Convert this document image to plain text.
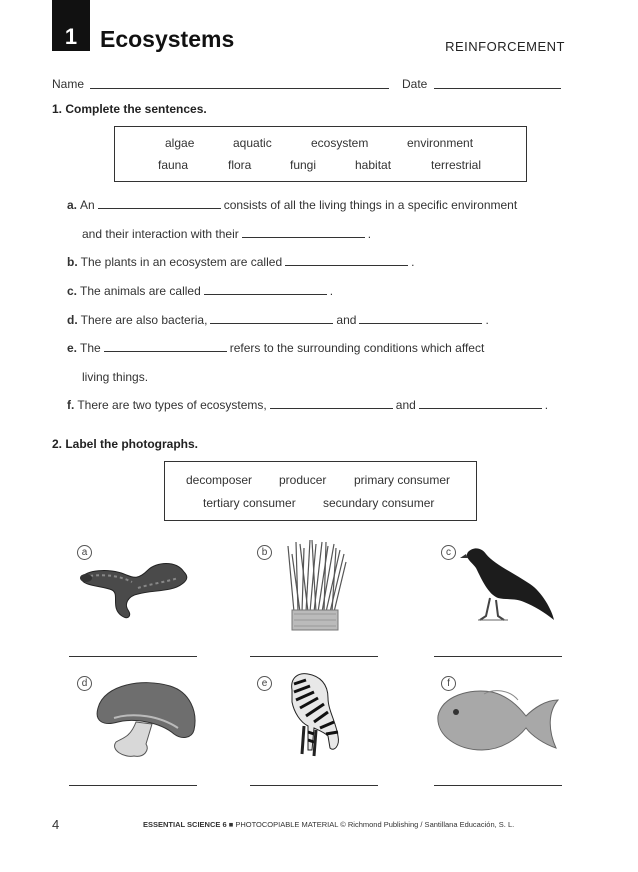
1 Ecosystems	REINFORCEMENT
Name	Date
1. Complete the sentences.
algae	aquatic	ecosystem	environment
fauna	flora	fungi	habitat	terrestrial
a. An	consists of all the living things in a specific environment
and their interaction with their	.
b. The plants in an ecosystem are called	.
c. The animals are called	.
d. There are also bacteria,	and	.
e. The	refers to the surrounding conditions which affect
living things.
f. There are two types of ecosystems,	and	.
2. Label the photographs.
decomposer producer primary consumer
tertiary consumer secundary consumer
a	b	c
d	e	f
4	ESSENTIAL SCIENCE 6 ■ PHOTOCOPIABLE MATERIAL © Richmond Publishing / Santillana Educación, S. L.
